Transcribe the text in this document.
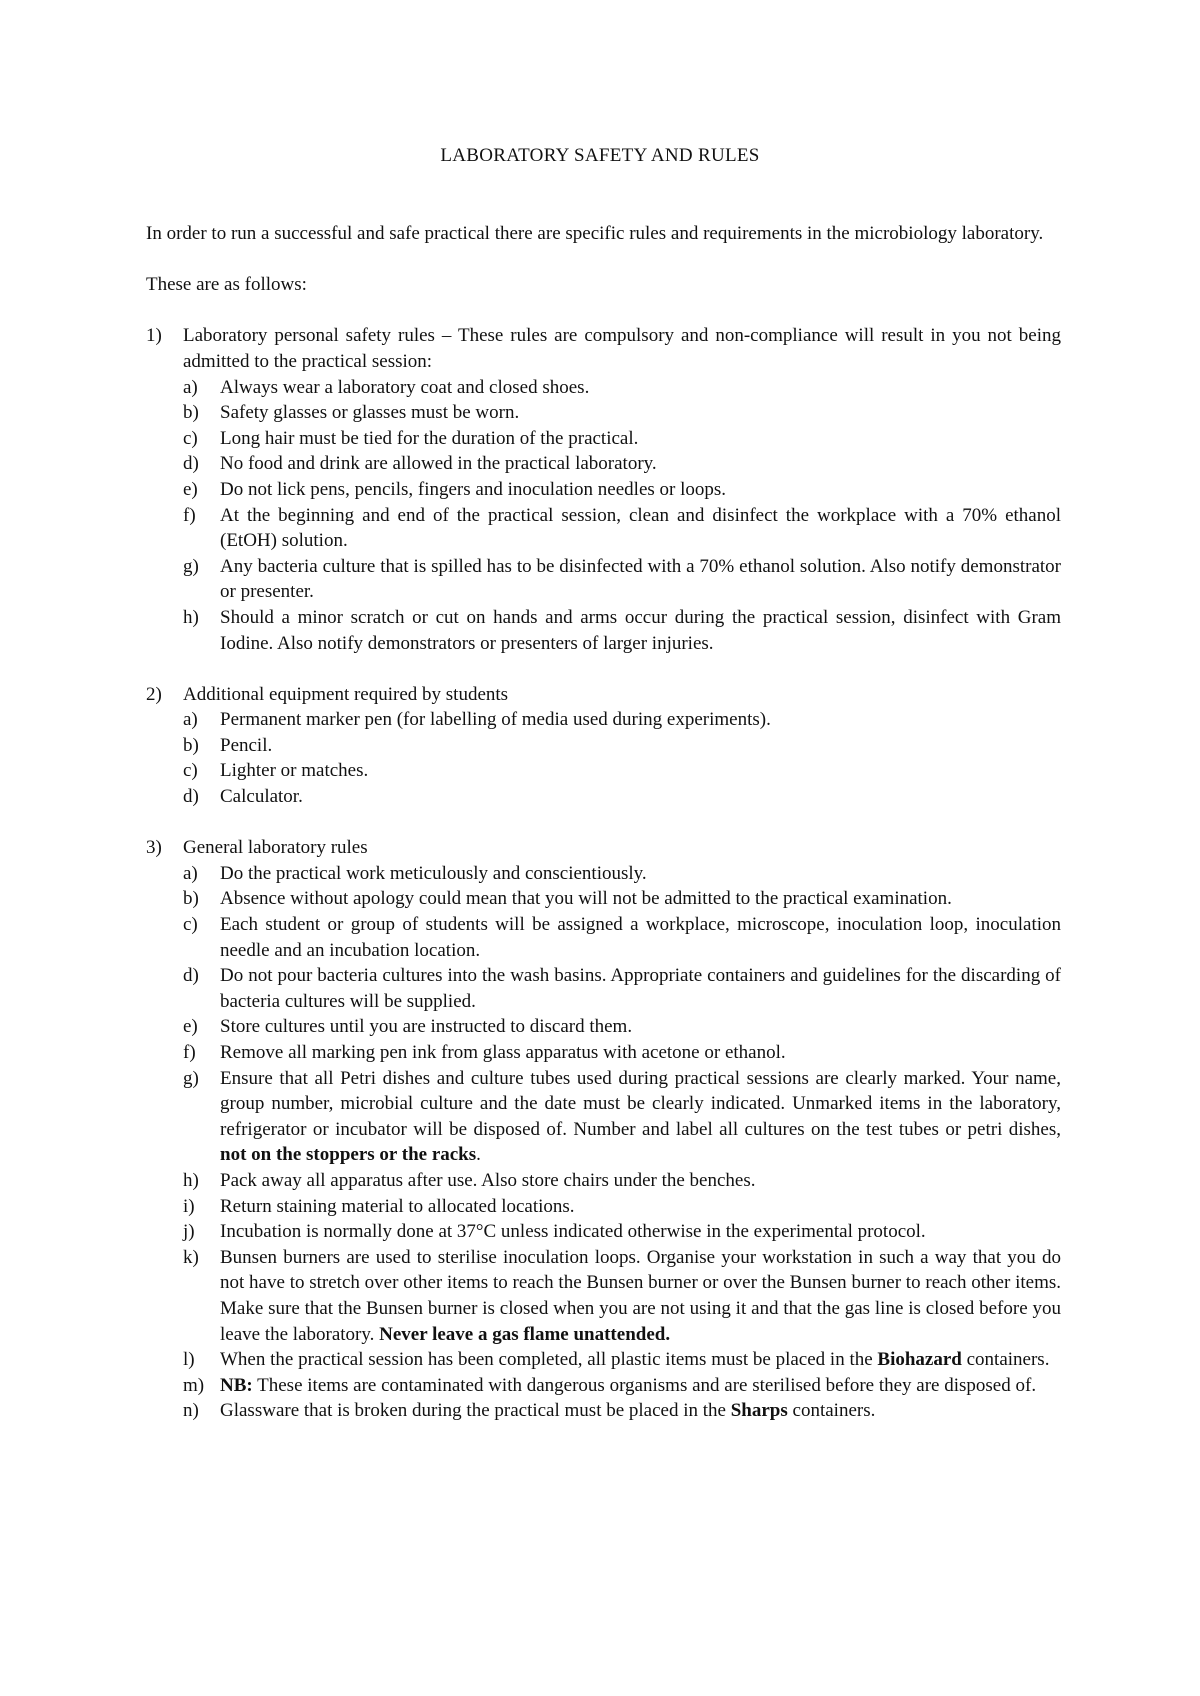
LABORATORY SAFETY AND RULES

In order to run a successful and safe practical there are specific rules and requirements in the microbiology laboratory.

These are as follows:

1)	Laboratory personal safety rules – These rules are compulsory and non-compliance will result in you not being admitted to the practical session:
a)	Always wear a laboratory coat and closed shoes.
b)	Safety glasses or glasses must be worn.
c)	Long hair must be tied for the duration of the practical.
d)	No food and drink are allowed in the practical laboratory.
e)	Do not lick pens, pencils, fingers and inoculation needles or loops.
f)	At the beginning and end of the practical session, clean and disinfect the workplace with a 70% ethanol (EtOH) solution.
g)	Any bacteria culture that is spilled has to be disinfected with a 70% ethanol solution. Also notify demonstrator or presenter.
h)	Should a minor scratch or cut on hands and arms occur during the practical session, disinfect with Gram Iodine. Also notify demonstrators or presenters of larger injuries.
2)	Additional equipment required by students
a)	Permanent marker pen (for labelling of media used during experiments).
b)	Pencil.
c)	Lighter or matches.
d)	Calculator.
3)	General laboratory rules
a)	Do the practical work meticulously and conscientiously.
b)	Absence without apology could mean that you will not be admitted to the practical examination.
c)	Each student or group of students will be assigned a workplace, microscope, inoculation loop, inoculation needle and an incubation location.
d)	Do not pour bacteria cultures into the wash basins. Appropriate containers and guidelines for the discarding of bacteria cultures will be supplied.
e)	Store cultures until you are instructed to discard them.
f)	Remove all marking pen ink from glass apparatus with acetone or ethanol.
g)	Ensure that all Petri dishes and culture tubes used during practical sessions are clearly marked. Your name, group number, microbial culture and the date must be clearly indicated. Unmarked items in the laboratory, refrigerator or incubator will be disposed of. Number and label all cultures on the test tubes or petri dishes, not on the stoppers or the racks.
h)	Pack away all apparatus after use. Also store chairs under the benches.
i)	Return staining material to allocated locations.
j)	Incubation is normally done at 37°C unless indicated otherwise in the experimental protocol.
k)	Bunsen burners are used to sterilise inoculation loops. Organise your workstation in such a way that you do not have to stretch over other items to reach the Bunsen burner or over the Bunsen burner to reach other items. Make sure that the Bunsen burner is closed when you are not using it and that the gas line is closed before you leave the laboratory. Never leave a gas flame unattended.
l)	When the practical session has been completed, all plastic items must be placed in the Biohazard containers.
m) NB: These items are contaminated with dangerous organisms and are sterilised before they are disposed of.
n)	Glassware that is broken during the practical must be placed in the Sharps containers.
